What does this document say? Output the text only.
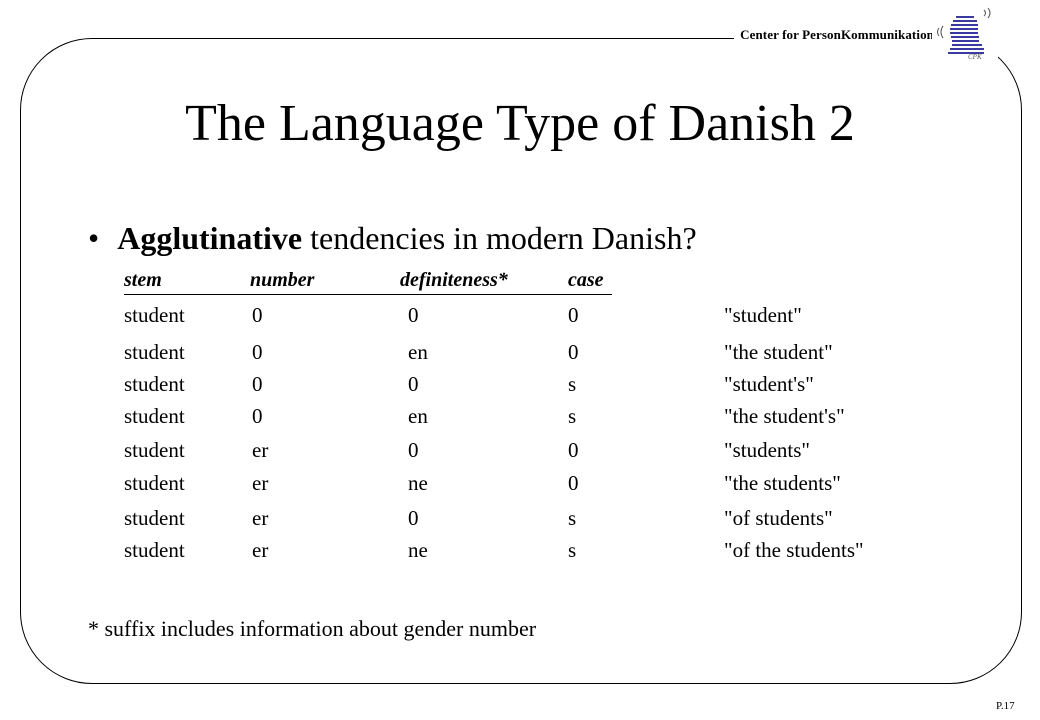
Center for PersonKommunikation
CPK
The Language Type of Danish 2
• Agglutinative tendencies in modern Danish?
stem	number	definiteness*	case
student	0	0	0	"student"
student	0	en	0	"the student"
student	0	0	s	"student's"
student	0	en	s	"the student's"
student	er	0	0	"students"
student	er	ne	0	"the students"
student	er	0	s	"of students"
student	er	ne	s	"of the students"
* suffix includes information about gender number
P.17
